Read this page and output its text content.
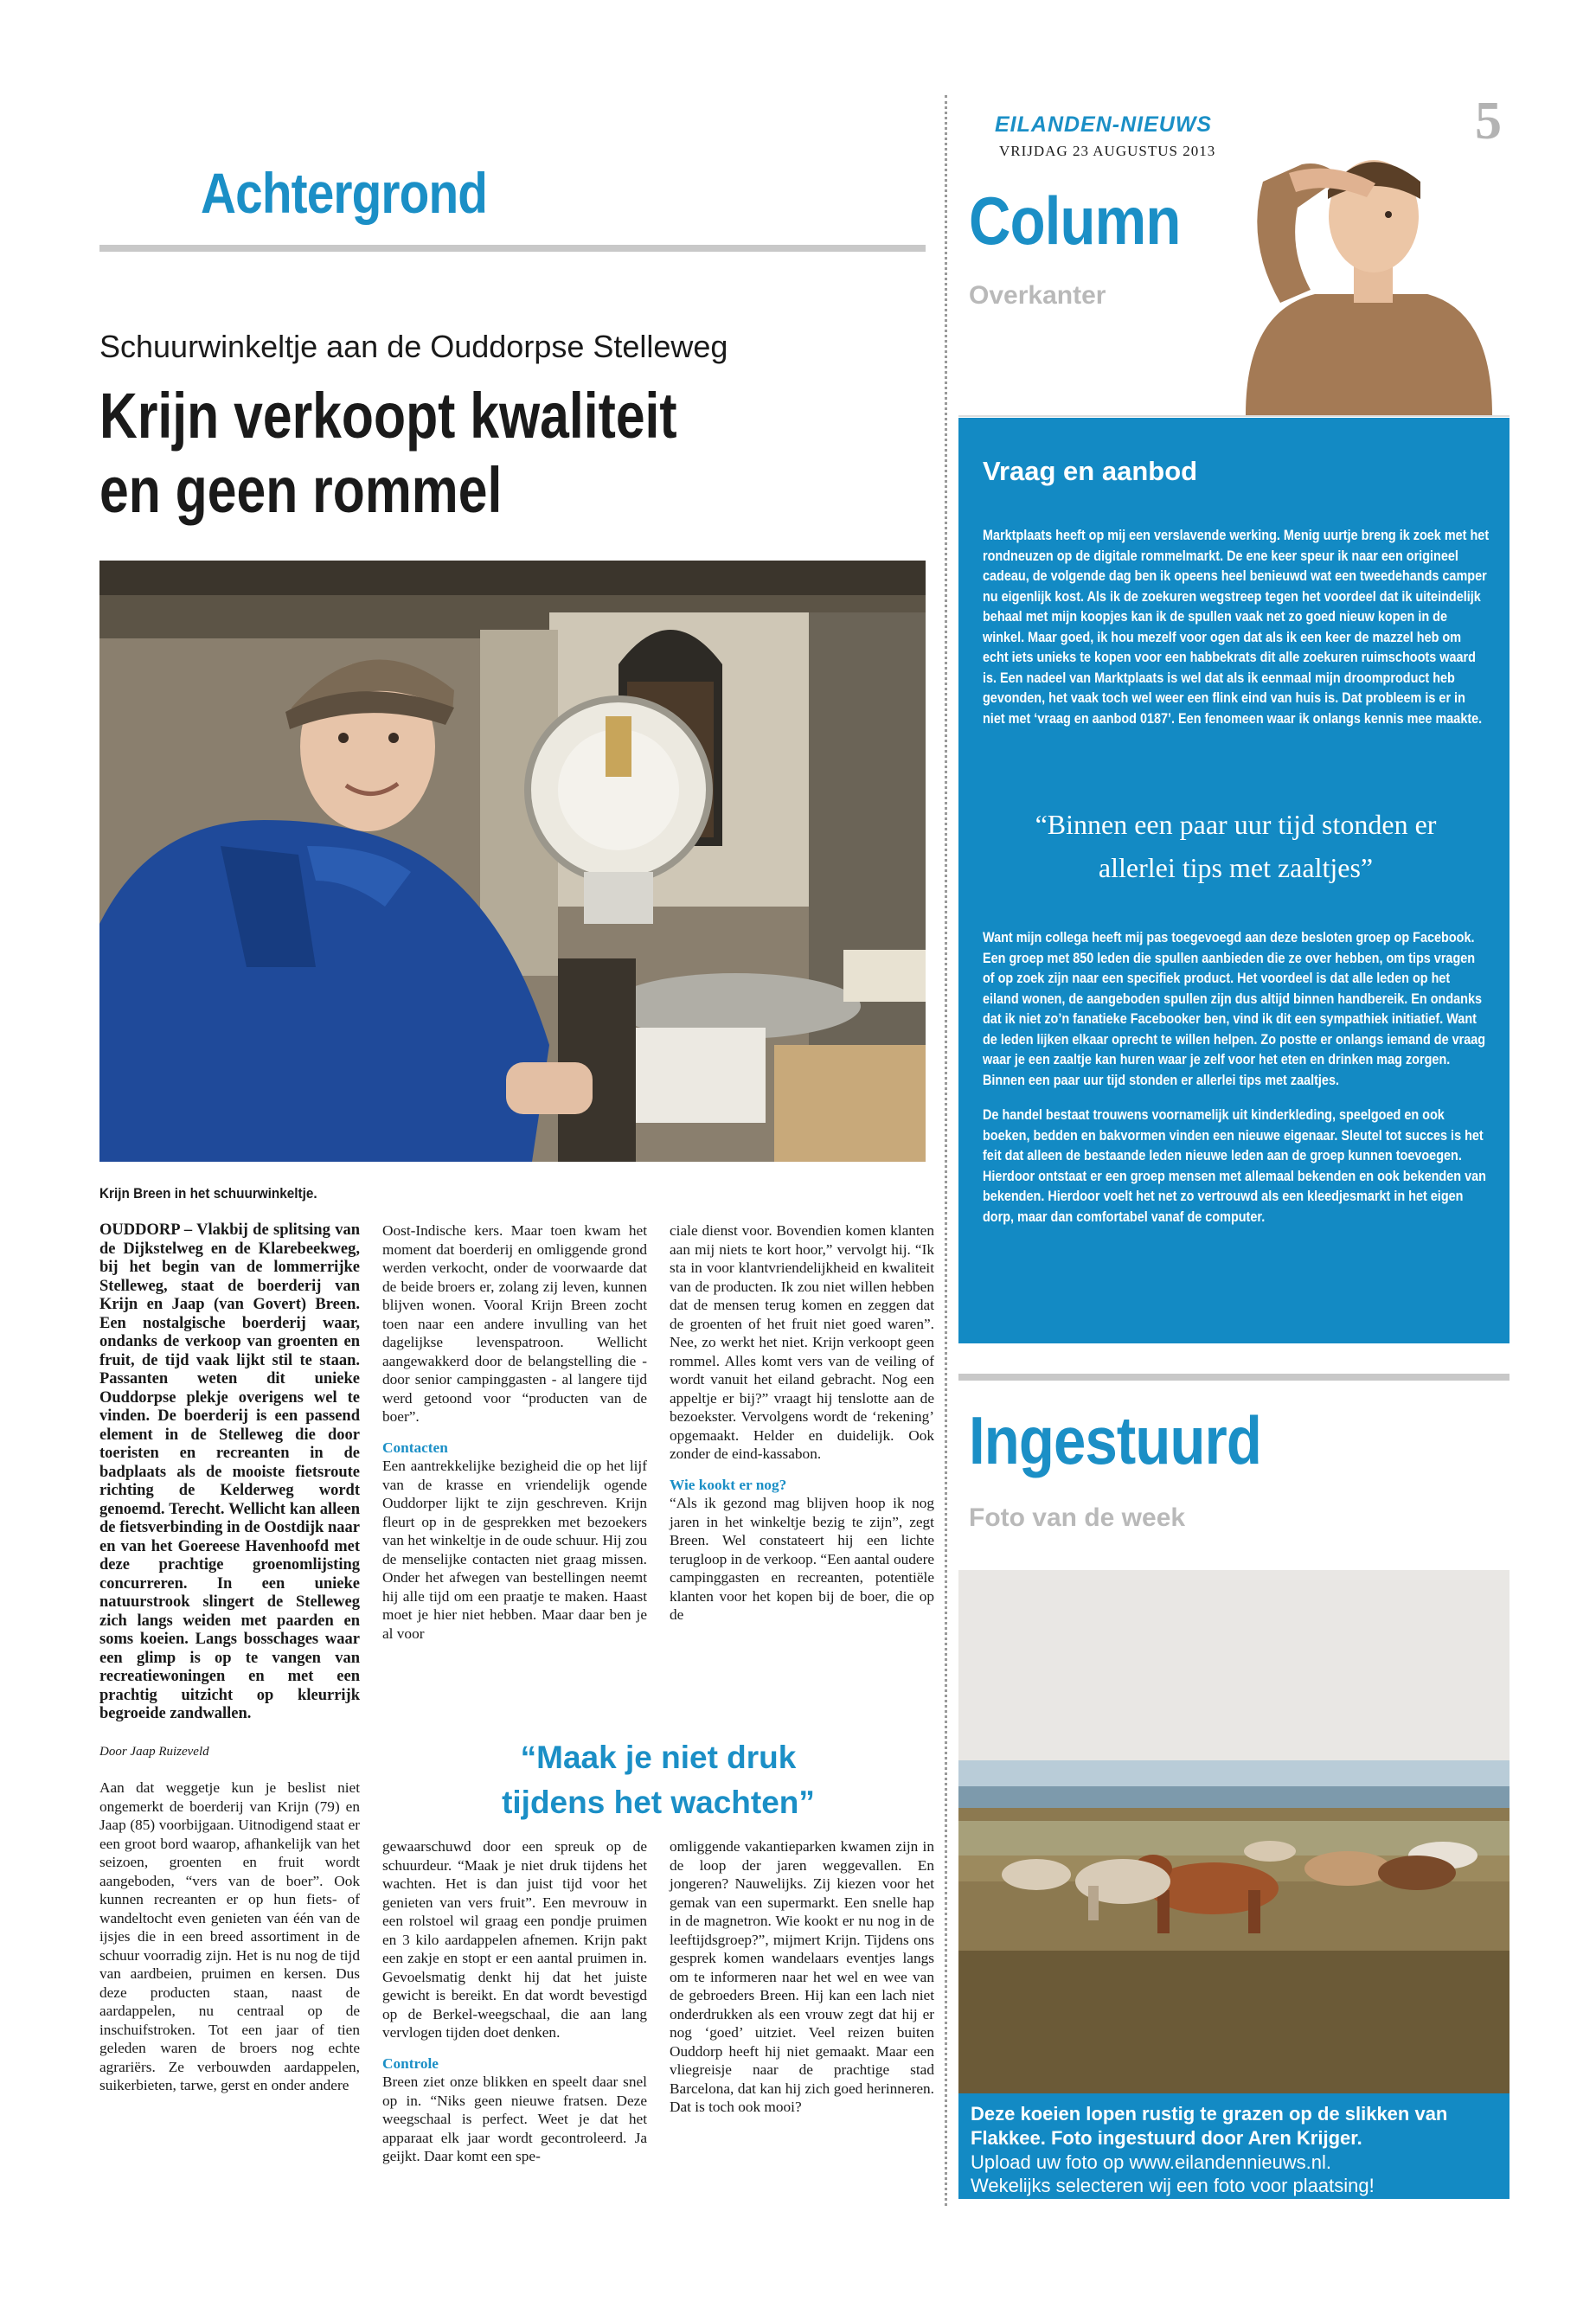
Achtergrond
Schuurwinkeltje aan de Ouddorpse Stelleweg
Krijn verkoopt kwaliteit
en geen rommel
Krijn Breen in het schuurwinkeltje.

OUDDORP – Vlakbij de splitsing van de Dijkstelweg en de Klarebeekweg, bij het begin van de lommerrijke Stelleweg, staat de boerderij van Krijn en Jaap (van Govert) Breen. Een nostalgische boerderij waar, ondanks de verkoop van groenten en fruit, de tijd vaak lijkt stil te staan. Passanten weten dit unieke Ouddorpse plekje overigens wel te vinden. De boerderij is een passend element in de Stelleweg die door toeristen en recreanten in de badplaats als de mooiste fietsroute richting de Kelderweg wordt genoemd. Terecht. Wellicht kan alleen de fietsverbinding in de Oostdijk naar en van het Goereese Havenhoofd met deze prachtige groenomlijsting concurreren. In een unieke natuurstrook slingert de Stelleweg zich langs weiden met paarden en soms koeien. Langs bosschages waar een glimp is op te vangen van recreatiewoningen en met een prachtig uitzicht op kleurrijk begroeide zandwallen.

Door Jaap Ruizeveld

Aan dat weggetje kun je beslist niet ongemerkt de boerderij van Krijn (79) en Jaap (85) voorbijgaan. Uitnodigend staat er een groot bord waarop, afhankelijk van het seizoen, groenten en fruit wordt aangeboden, “vers van de boer”. Ook kunnen recreanten er op hun fiets- of wandeltocht even genieten van één van de ijsjes die in een breed assortiment in de schuur voorradig zijn. Het is nu nog de tijd van aardbeien, pruimen en kersen. Dus deze producten staan, naast de aardappelen, nu centraal op de inschuifstroken. Tot een jaar of tien geleden waren de broers nog echte agrariërs. Ze verbouwden aardappelen, suikerbieten, tarwe, gerst en onder andere

Oost-Indische kers. Maar toen kwam het moment dat boerderij en omliggende grond werden verkocht, onder de voorwaarde dat de beide broers er, zolang zij leven, kunnen blijven wonen. Vooral Krijn Breen zocht toen naar een andere invulling van het dagelijkse levenspatroon. Wellicht aangewakkerd door de belangstelling die - door senior campinggasten - al langere tijd werd getoond voor “producten van de boer”.

Contacten

Een aantrekkelijke bezigheid die op het lijf van de krasse en vriendelijk ogende Ouddorper lijkt te zijn geschreven. Krijn fleurt op in de gesprekken met bezoekers van het winkeltje in de oude schuur. Hij zou de menselijke contacten niet graag missen. Onder het afwegen van bestellingen neemt hij alle tijd om een praatje te maken. Haast moet je hier niet hebben. Maar daar ben je al voor

ciale dienst voor. Bovendien komen klanten aan mij niets te kort hoor,” vervolgt hij. “Ik sta in voor klantvriendelijkheid en kwaliteit van de producten. Ik zou niet willen hebben dat de mensen terug komen en zeggen dat de groenten of het fruit niet goed waren”. Nee, zo werkt het niet. Krijn verkoopt geen rommel. Alles komt vers van de veiling of wordt vanuit het eiland gebracht. Nog een appeltje er bij?” vraagt hij tenslotte aan de bezoekster. Vervolgens wordt de ‘rekening’ opgemaakt. Helder en duidelijk. Ook zonder de eind-kassabon.

Wie kookt er nog?

“Als ik gezond mag blijven hoop ik nog jaren in het winkeltje bezig te zijn”, zegt Breen. Wel constateert hij een lichte terugloop in de verkoop. “Een aantal oudere campinggasten en recreanten, potentiële klanten voor het kopen bij de boer, die op de

“Maak je niet druk
tijdens het wachten”

gewaarschuwd door een spreuk op de schuurdeur. “Maak je niet druk tijdens het wachten. Het is dan juist tijd voor het genieten van vers fruit”. Een mevrouw in een rolstoel wil graag een pondje pruimen en 3 kilo aardappelen afnemen. Krijn pakt een zakje en stopt er een aantal pruimen in. Gevoelsmatig denkt hij dat het juiste gewicht is bereikt. En dat wordt bevestigd op de Berkel-weegschaal, die aan lang vervlogen tijden doet denken.

Controle

Breen ziet onze blikken en speelt daar snel op in. “Niks geen nieuwe fratsen. Deze weegschaal is perfect. Weet je dat het apparaat elk jaar wordt gecontroleerd. Ja geijkt. Daar komt een spe-

omliggende vakantieparken kwamen zijn in de loop der jaren weggevallen. En jongeren? Nauwelijks. Zij kiezen voor het gemak van een supermarkt. Een snelle hap in de magnetron. Wie kookt er nu nog in de leeftijdsgroep?”, mijmert Krijn. Tijdens ons gesprek komen wandelaars eventjes langs om te informeren naar het wel en wee van de gebroeders Breen. Hij kan een lach niet onderdrukken als een vrouw zegt dat hij er nog ‘goed’ uitziet. Veel reizen buiten Ouddorp heeft hij niet gemaakt. Maar een vliegreisje naar de prachtige stad Barcelona, dat kan hij zich goed herinneren. Dat is toch ook mooi?

EILANDEN-NIEUWS
VRIJDAG 23 AUGUSTUS 2013
5
Column
Overkanter
Vraag en aanbod

Marktplaats heeft op mij een verslavende werking. Menig uurtje breng ik zoek met het rondneuzen op de digitale rommelmarkt. De ene keer speur ik naar een origineel cadeau, de volgende dag ben ik opeens heel benieuwd wat een tweedehands camper nu eigenlijk kost. Als ik de zoekuren wegstreep tegen het voordeel dat ik uiteindelijk behaal met mijn koopjes kan ik de spullen vaak net zo goed nieuw kopen in de winkel. Maar goed, ik hou mezelf voor ogen dat als ik een keer de mazzel heb om echt iets unieks te kopen voor een habbekrats dit alle zoekuren ruimschoots waard is. Een nadeel van Marktplaats is wel dat als ik eenmaal mijn droomproduct heb gevonden, het vaak toch wel weer een flink eind van huis is. Dat probleem is er in niet met ‘vraag en aanbod 0187’. Een fenomeen waar ik onlangs kennis mee maakte.

“Binnen een paar uur tijd stonden er
allerlei tips met zaaltjes”

Want mijn collega heeft mij pas toegevoegd aan deze besloten groep op Facebook. Een groep met 850 leden die spullen aanbieden die ze over hebben, om tips vragen of op zoek zijn naar een specifiek product. Het voordeel is dat alle leden op het eiland wonen, de aangeboden spullen zijn dus altijd binnen handbereik. En ondanks dat ik niet zo’n fanatieke Facebooker ben, vind ik dit een sympathiek initiatief. Want de leden lijken elkaar oprecht te willen helpen. Zo postte er onlangs iemand de vraag waar je een zaaltje kan huren waar je zelf voor het eten en drinken mag zorgen. Binnen een paar uur tijd stonden er allerlei tips met zaaltjes.

De handel bestaat trouwens voornamelijk uit kinderkleding, speelgoed en ook boeken, bedden en bakvormen vinden een nieuwe eigenaar. Sleutel tot succes is het feit dat alleen de bestaande leden nieuwe leden aan de groep kunnen toevoegen. Hierdoor ontstaat er een groep mensen met allemaal bekenden en ook bekenden van bekenden. Hierdoor voelt het net zo vertrouwd als een kleedjesmarkt in het eigen dorp, maar dan comfortabel vanaf de computer.

Ingestuurd
Foto van de week
Deze koeien lopen rustig te grazen op de slikken van
Flakkee. Foto ingestuurd door Aren Krijger.
Upload uw foto op www.eilandennieuws.nl.
Wekelijks selecteren wij een foto voor plaatsing!
